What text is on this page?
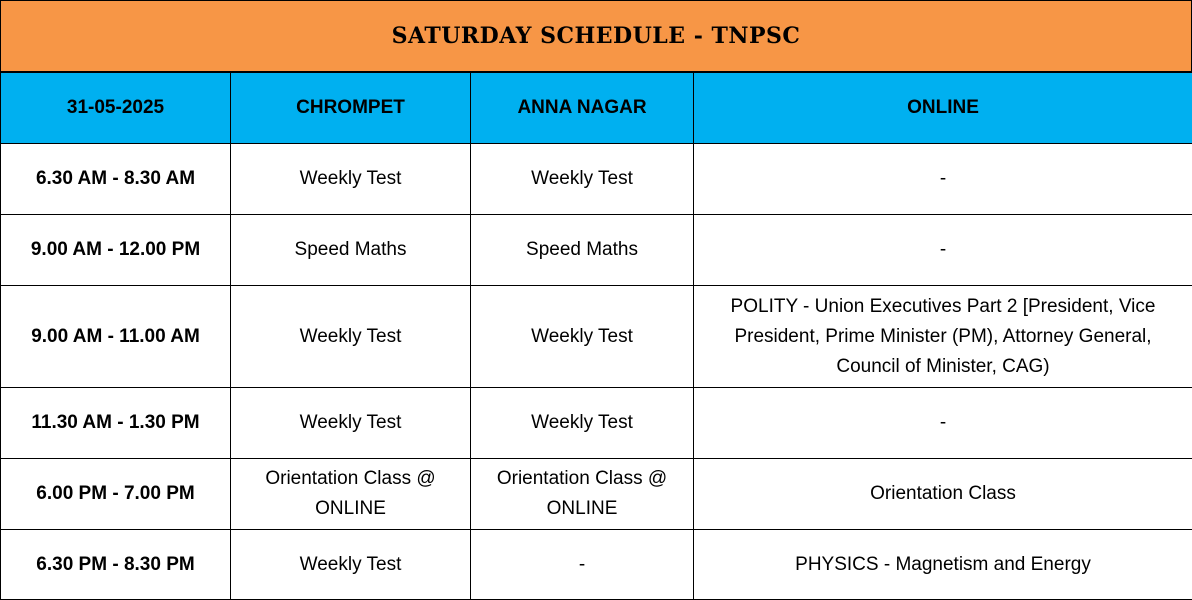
SATURDAY SCHEDULE - TNPSC
31-05-2025	CHROMPET	ANNA NAGAR	ONLINE
6.30 AM - 8.30 AM	Weekly Test	Weekly Test	-
9.00 AM - 12.00 PM	Speed Maths	Speed Maths	-
9.00 AM - 11.00 AM	Weekly Test	Weekly Test	POLITY - Union Executives Part 2 [President, Vice President, Prime Minister (PM), Attorney General, Council of Minister, CAG)
11.30 AM - 1.30 PM	Weekly Test	Weekly Test	-
6.00 PM - 7.00 PM	Orientation Class @ ONLINE	Orientation Class @ ONLINE	Orientation Class
6.30 PM - 8.30 PM	Weekly Test	-	PHYSICS - Magnetism and Energy
